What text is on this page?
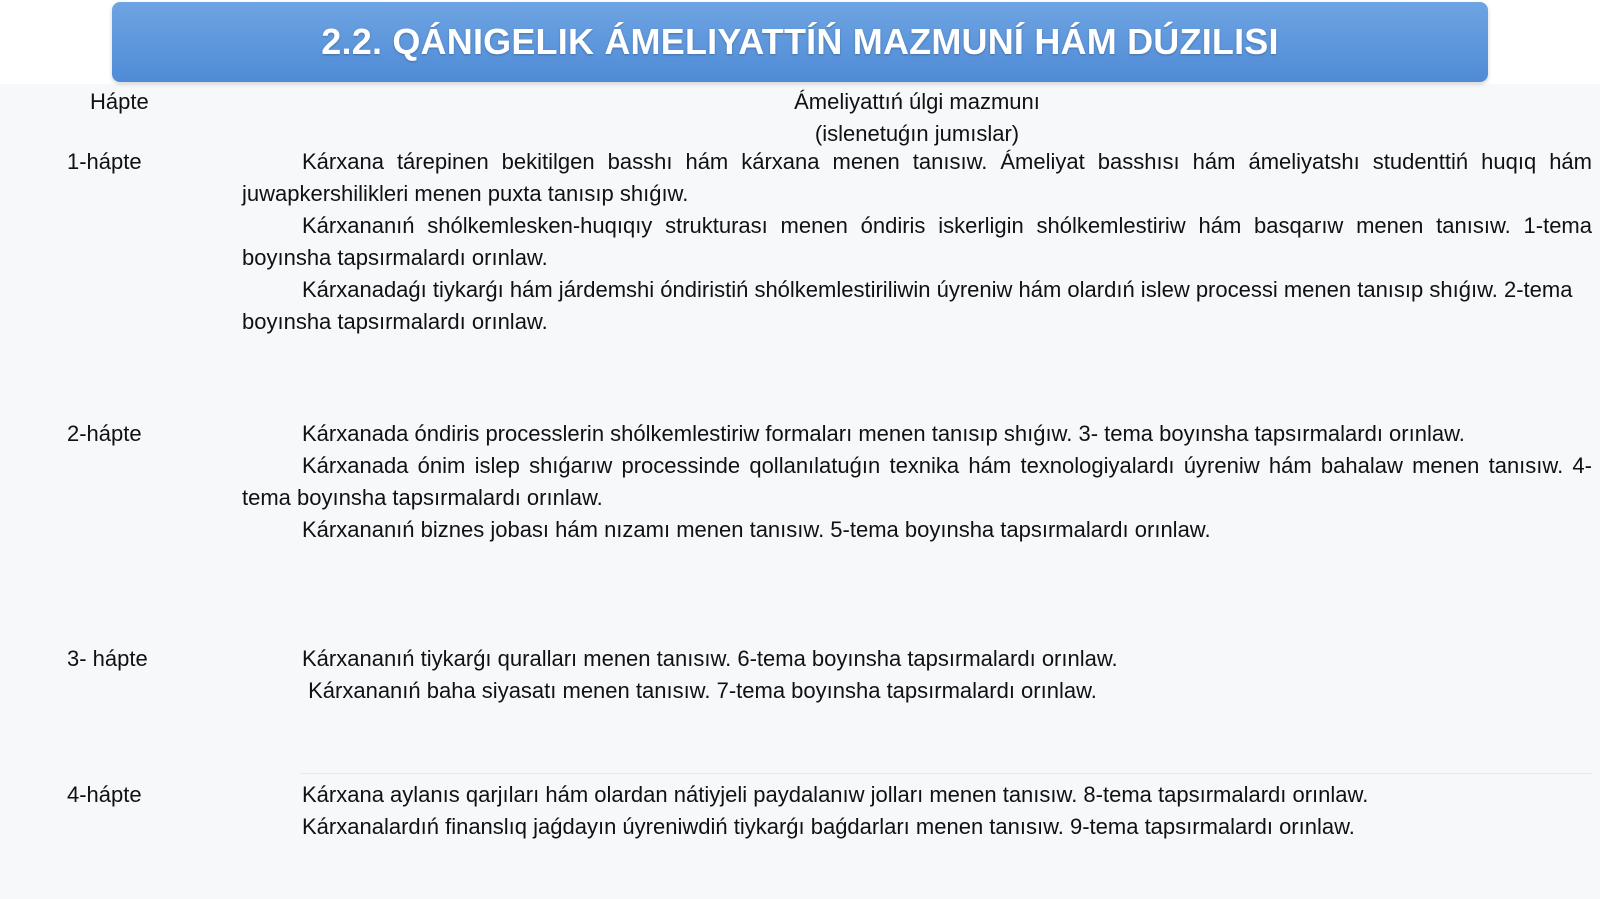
2.2. QÁNIGELIK ÁMELIYATTÍŃ MAZMUNÍ HÁM DÚZILISI
Hápte	Ámeliyattıń úlgi mazmunı
(islenetuǵın jumıslar)
1-hápte	Kárxana tárepinen bekitilgen basshı hám kárxana menen tanısıw. Ámeliyat basshısı hám ámeliyatshı studenttiń huqıq hám juwapkershilikleri menen puxta tanısıp shıǵıw.

Kárxananıń shólkemlesken-huqıqıy strukturası menen óndiris iskerligin shólkemlestiriw hám basqarıw menen tanısıw. 1-tema boyınsha tapsırmalardı orınlaw.

Kárxanadaǵı tiykarǵı hám járdemshi óndiristiń shólkemlestiriliwin úyreniw hám olardıń islew processi menen tanısıp shıǵıw. 2-tema boyınsha tapsırmalardı orınlaw.

2-hápte	Kárxanada óndiris processlerin shólkemlestiriw formaları menen tanısıp shıǵıw. 3- tema boyınsha tapsırmalardı orınlaw.

Kárxanada ónim islep shıǵarıw processinde qollanılatuǵın texnika hám texnologiyalardı úyreniw hám bahalaw menen tanısıw. 4-tema boyınsha tapsırmalardı orınlaw.

Kárxananıń biznes jobası hám nızamı menen tanısıw. 5-tema boyınsha tapsırmalardı orınlaw.

3- hápte	Kárxananıń tiykarǵı quralları menen tanısıw. 6-tema boyınsha tapsırmalardı orınlaw.

Kárxananıń baha siyasatı menen tanısıw. 7-tema boyınsha tapsırmalardı orınlaw.

4-hápte	Kárxana aylanıs qarjıları hám olardan nátiyjeli paydalanıw jolları menen tanısıw. 8-tema tapsırmalardı orınlaw.

Kárxanalardıń finanslıq jaǵdayın úyreniwdiń tiykarǵı baǵdarları menen tanısıw. 9-tema tapsırmalardı orınlaw.
